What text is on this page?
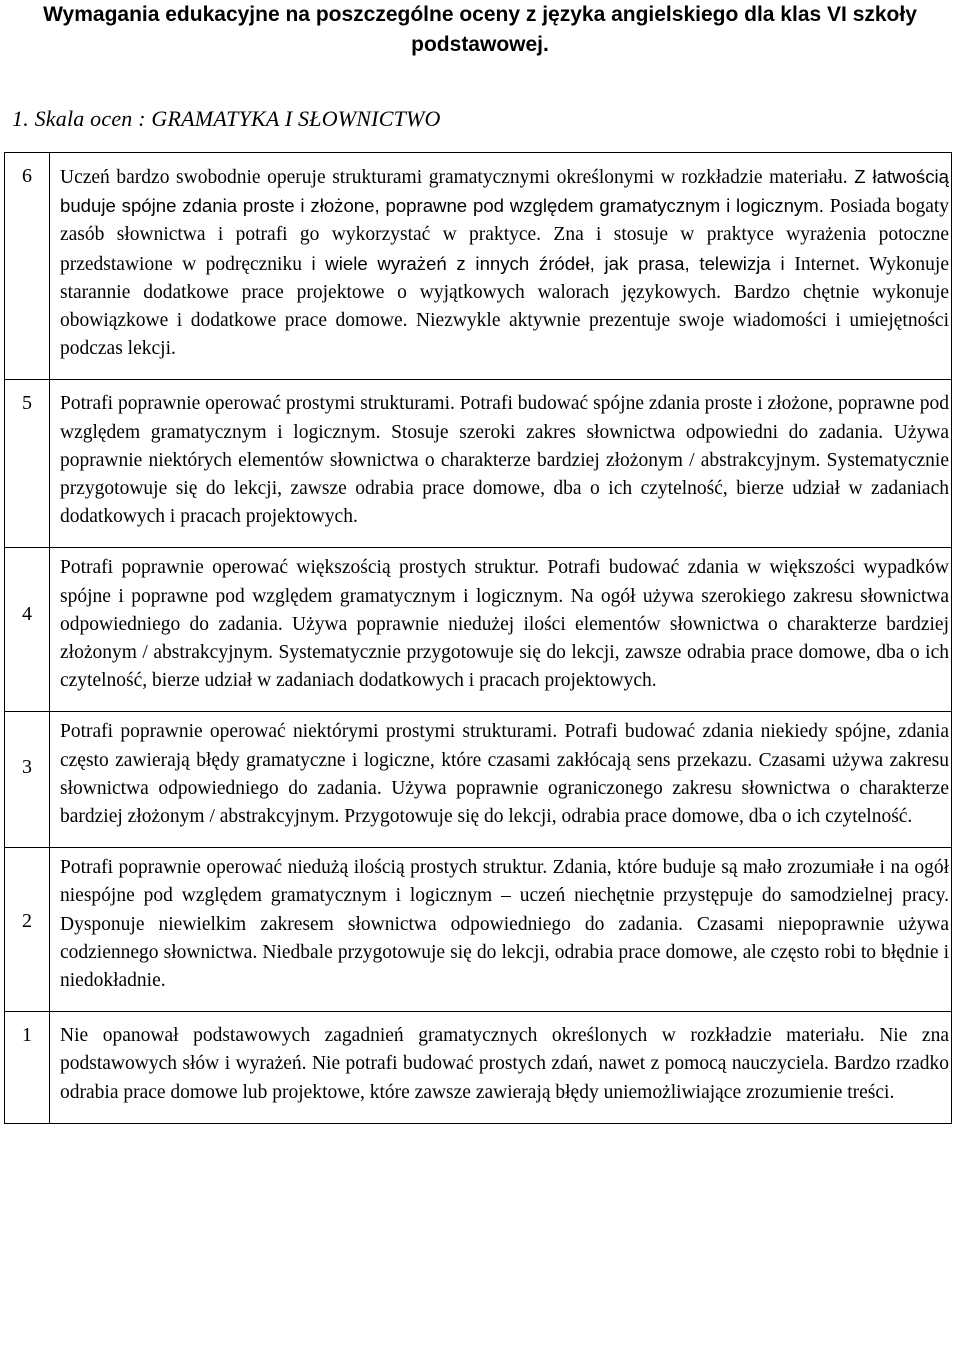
Wymagania edukacyjne na poszczególne oceny z języka angielskiego dla klas VI szkoły
podstawowej.
1. Skala ocen : GRAMATYKA I SŁOWNICTWO
6	Uczeń bardzo swobodnie operuje strukturami gramatycznymi określonymi w rozkładzie materiału. Z łatwością buduje spójne zdania proste i złożone, poprawne pod względem gramatycznym i logicznym. Posiada bogaty zasób słownictwa i potrafi go wykorzystać w praktyce. Zna i stosuje w praktyce wyrażenia potoczne przedstawione w podręczniku i wiele wyrażeń z innych źródeł, jak prasa, telewizja i Internet. Wykonuje starannie dodatkowe prace projektowe o wyjątkowych walorach językowych. Bardzo chętnie wykonuje obowiązkowe i dodatkowe prace domowe. Niezwykle aktywnie prezentuje swoje wiadomości i umiejętności podczas lekcji.
5	Potrafi poprawnie operować prostymi strukturami. Potrafi budować spójne zdania proste i złożone, poprawne pod względem gramatycznym i logicznym. Stosuje szeroki zakres słownictwa odpowiedni do zadania. Używa poprawnie niektórych elementów słownictwa o charakterze bardziej złożonym / abstrakcyjnym. Systematycznie przygotowuje się do lekcji, zawsze odrabia prace domowe, dba o ich czytelność, bierze udział w zadaniach dodatkowych i pracach projektowych.
4	Potrafi poprawnie operować większością prostych struktur. Potrafi budować zdania w większości wypadków spójne i poprawne pod względem gramatycznym i logicznym. Na ogół używa szerokiego zakresu słownictwa odpowiedniego do zadania. Używa poprawnie niedużej ilości elementów słownictwa o charakterze bardziej złożonym / abstrakcyjnym. Systematycznie przygotowuje się do lekcji, zawsze odrabia prace domowe, dba o ich czytelność, bierze udział w zadaniach dodatkowych i pracach projektowych.
3	Potrafi poprawnie operować niektórymi prostymi strukturami. Potrafi budować zdania niekiedy spójne, zdania często zawierają błędy gramatyczne i logiczne, które czasami zakłócają sens przekazu. Czasami używa zakresu słownictwa odpowiedniego do zadania. Używa poprawnie ograniczonego zakresu słownictwa o charakterze bardziej złożonym / abstrakcyjnym. Przygotowuje się do lekcji, odrabia prace domowe, dba o ich czytelność.
2	Potrafi poprawnie operować niedużą ilością prostych struktur. Zdania, które buduje są mało zrozumiałe i na ogół niespójne pod względem gramatycznym i logicznym – uczeń niechętnie przystępuje do samodzielnej pracy. Dysponuje niewielkim zakresem słownictwa odpowiedniego do zadania. Czasami niepoprawnie używa codziennego słownictwa. Niedbale przygotowuje się do lekcji, odrabia prace domowe, ale często robi to błędnie i niedokładnie.
1	Nie opanował podstawowych zagadnień gramatycznych określonych w rozkładzie materiału. Nie zna podstawowych słów i wyrażeń. Nie potrafi budować prostych zdań, nawet z pomocą nauczyciela. Bardzo rzadko odrabia prace domowe lub projektowe, które zawsze zawierają błędy uniemożliwiające zrozumienie treści.
